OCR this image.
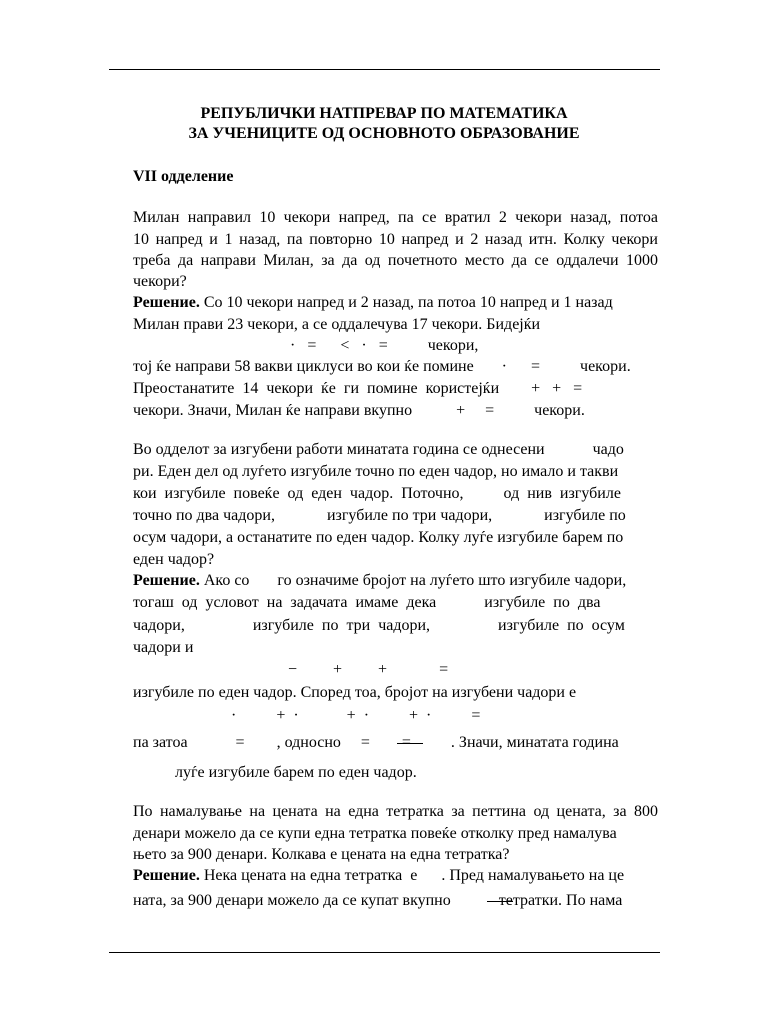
РЕПУБЛИЧКИ НАТПРЕВАР ПО МАТЕМАТИКА
ЗА УЧЕНИЦИТЕ ОД ОСНОВНОТО ОБРАЗОВАНИЕ
VII одделение
Милан направил 10 чекори напред, па се вратил 2 чекори назад, потоа
10 напред и 1 назад, па повторно 10 напред и 2 назад итн. Колку чекори
треба да направи Милан, за да од почетното место да се оддалечи 1000
чекори?
Решение. Со 10 чекори напред и 2 назад, па потоа 10 напред и 1 назад
Милан прави 23 чекори, а се оддалечува 17 чекори. Бидејќи
·   =      <   ·   =          чекори,
тој ќе направи 58 вакви циклуси во кои ќе помине       ·      =          чекори.
Преостанатите  14  чекори  ќе  ги  помине  користејќи        +   +   =
чекори. Значи, Милан ќе направи вкупно           +     =          чекори.
Во одделот за изгубени работи минатата година се однесени            чадо
ри. Еден дел од луѓето изгубиле точно по еден чадор, но имало и такви
кои  изгубиле  повеќе  од  еден  чадор.  Поточно,          од  нив  изгубиле
точно по два чадори,             изгубиле по три чадори,             изгубиле по
осум чадори, а останатите по еден чадор. Колку луѓе изгубиле барем по
еден чадор?
Решение. Ако со       го означиме бројот на луѓето што изгубиле чадори,
тогаш  од  условот  на  задачата  имаме  дека            изгубиле  по  два
чадори,                 изгубиле  по  три  чадори,                 изгубиле  по  осум
чадори и
−         +         +             =
изгубиле по еден чадор. Според тоа, бројот на изгубени чадори е
·          +  ·            +  ·          +  ·          =
па затоа            =        , односно     =        =          . Значи, минатата година
луѓе изгубиле барем по еден чадор.
По намалување на цената на една тетратка за петтина од цената, за 800
денари можело да се купи една тетратка повеќе отколку пред намалува
њето за 900 денари. Колкава е цената на една тетратка?
Решение. Нека цената на една тетратка  е      . Пред намалувањето на це
ната, за 900 денари можело да се купат вкупно            тетратки. По нама
